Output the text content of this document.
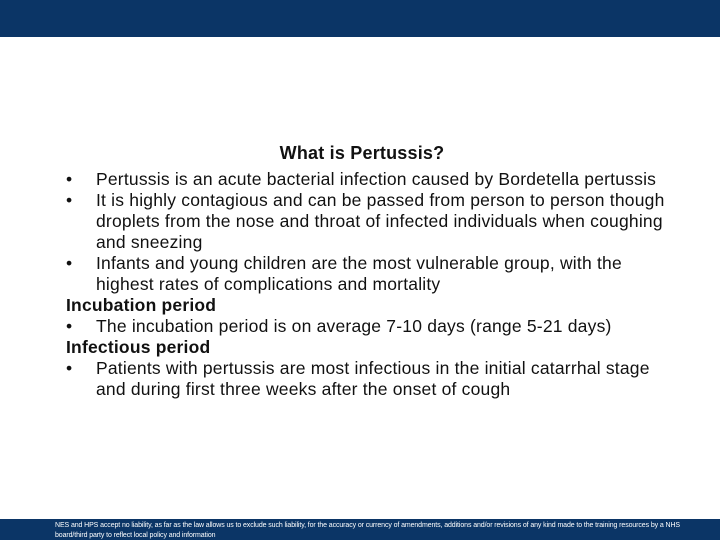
What is Pertussis?
•	Pertussis is an acute bacterial infection caused by Bordetella pertussis
•	It is highly contagious and can be passed from person to person though droplets from the nose and throat of infected individuals when coughing and sneezing
•	Infants and young children are the most vulnerable group, with the highest rates of complications and mortality
Incubation period
•	The incubation period is on average 7-10 days (range 5-21 days)
Infectious period
•	Patients with pertussis are most infectious in the initial catarrhal stage and during first three weeks after the onset of cough
NES and HPS accept no liability, as far as the law allows us to exclude such liability, for the accuracy or currency of amendments, additions and/or revisions of any kind made to the training resources by a NHS board/third party to reflect local policy and information
